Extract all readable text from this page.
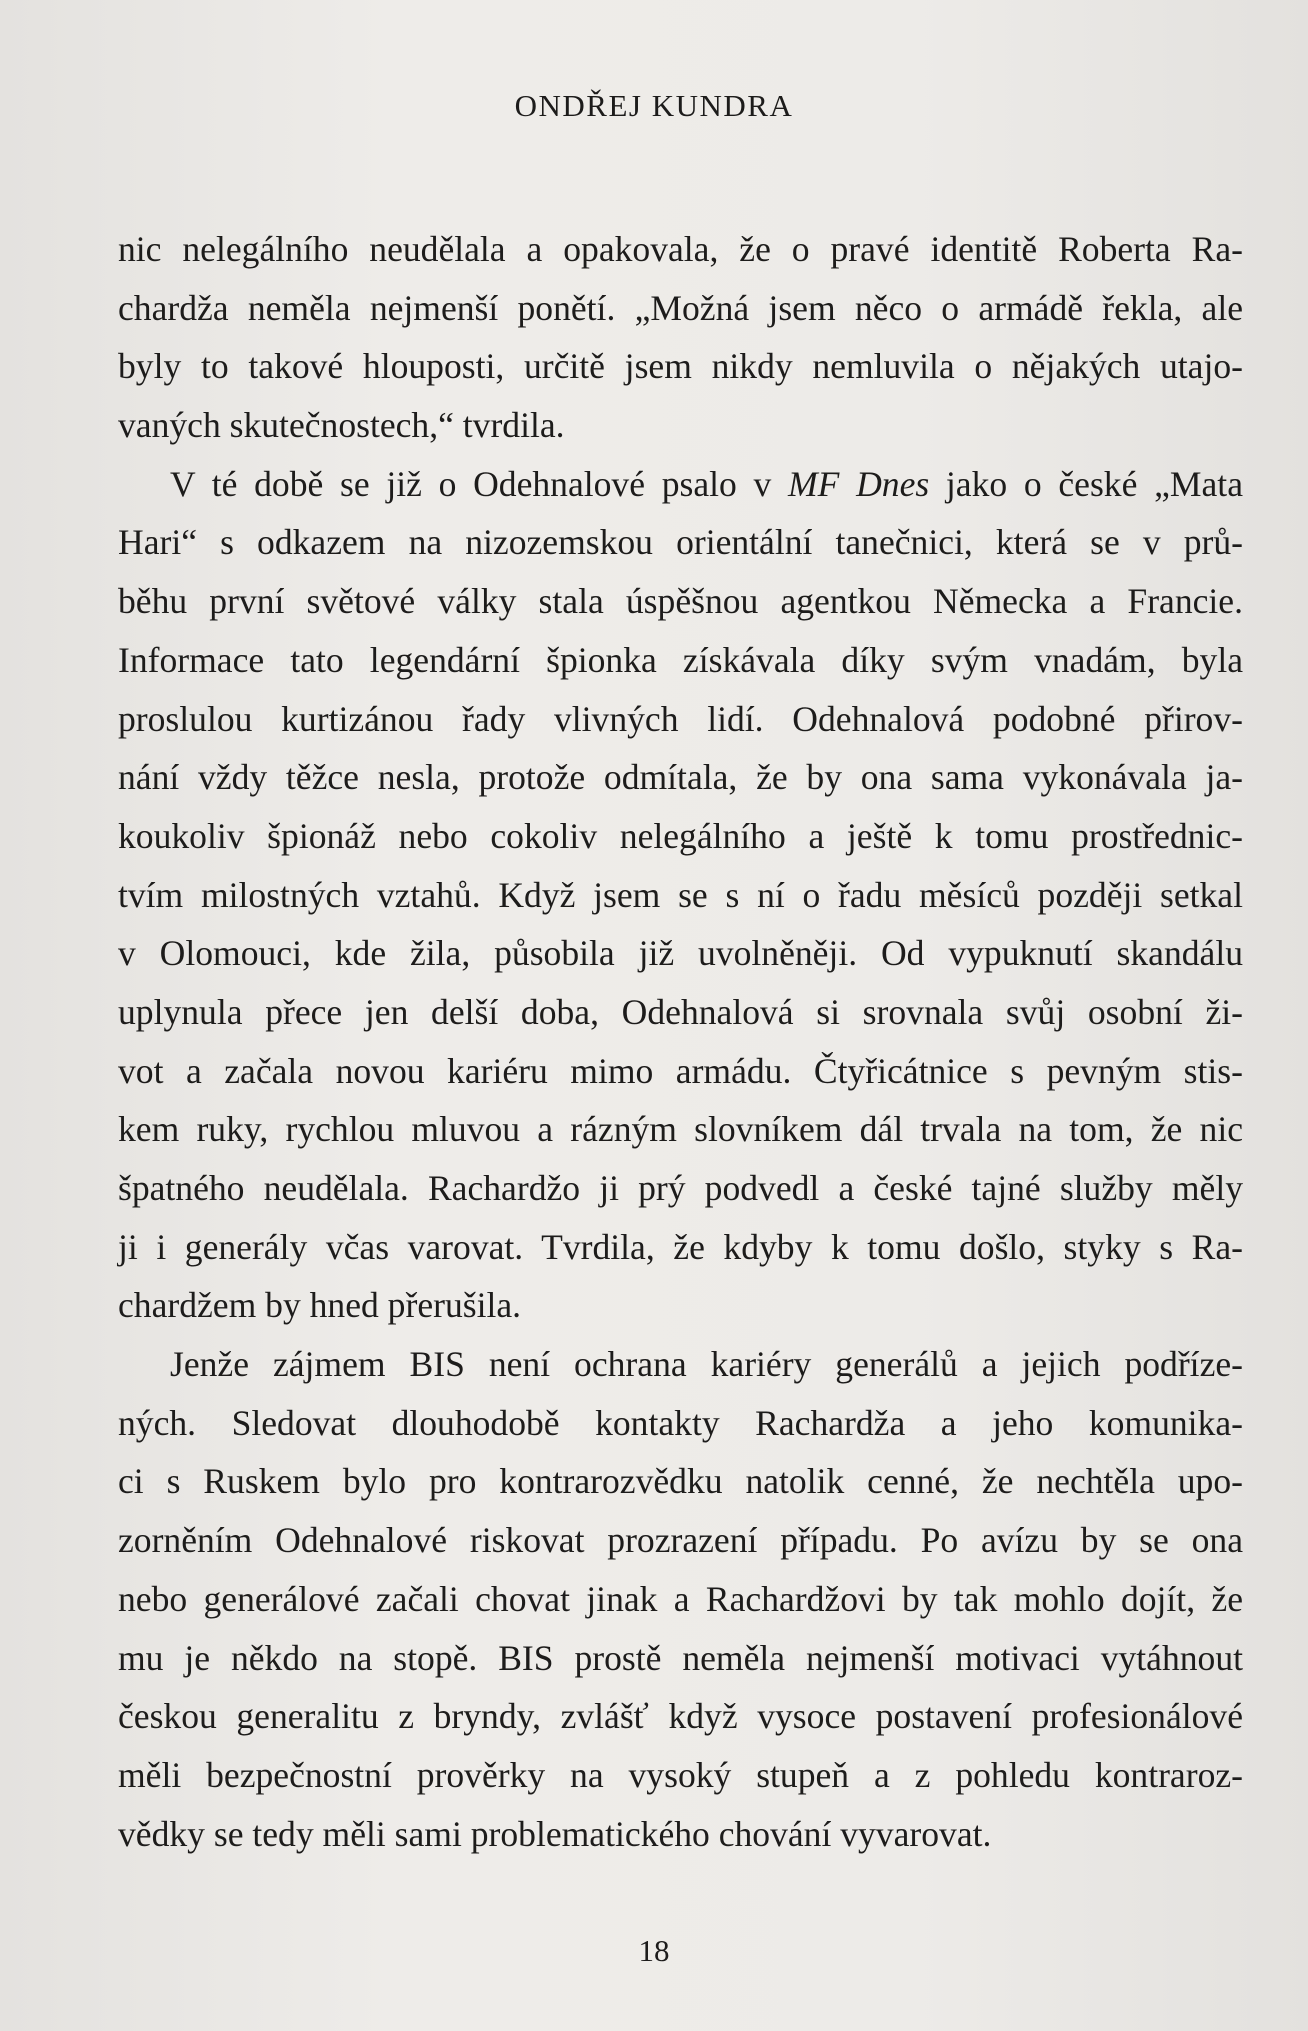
ONDŘEJ KUNDRA
nic nelegálního neudělala a opakovala, že o pravé identitě Roberta Ra-
chardža neměla nejmenší ponětí. „Možná jsem něco o armádě řekla, ale
byly to takové hlouposti, určitě jsem nikdy nemluvila o nějakých utajo-
vaných skutečnostech,“ tvrdila.
V té době se již o Odehnalové psalo v MF Dnes jako o české „Mata
Hari“ s odkazem na nizozemskou orientální tanečnici, která se v prů-
běhu první světové války stala úspěšnou agentkou Německa a Francie.
Informace tato legendární špionka získávala díky svým vnadám, byla
proslulou kurtizánou řady vlivných lidí. Odehnalová podobné přirov-
nání vždy těžce nesla, protože odmítala, že by ona sama vykonávala ja-
koukoliv špionáž nebo cokoliv nelegálního a ještě k tomu prostřednic-
tvím milostných vztahů. Když jsem se s ní o řadu měsíců později setkal
v Olomouci, kde žila, působila již uvolněněji. Od vypuknutí skandálu
uplynula přece jen delší doba, Odehnalová si srovnala svůj osobní ži-
vot a začala novou kariéru mimo armádu. Čtyřicátnice s pevným stis-
kem ruky, rychlou mluvou a rázným slovníkem dál trvala na tom, že nic
špatného neudělala. Rachardžo ji prý podvedl a české tajné služby měly
ji i generály včas varovat. Tvrdila, že kdyby k tomu došlo, styky s Ra-
chardžem by hned přerušila.
Jenže zájmem BIS není ochrana kariéry generálů a jejich podříze-
ných. Sledovat dlouhodobě kontakty Rachardža a jeho komunika-
ci s Ruskem bylo pro kontrarozvědku natolik cenné, že nechtěla upo-
zorněním Odehnalové riskovat prozrazení případu. Po avízu by se ona
nebo generálové začali chovat jinak a Rachardžovi by tak mohlo dojít, že
mu je někdo na stopě. BIS prostě neměla nejmenší motivaci vytáhnout
českou generalitu z bryndy, zvlášť když vysoce postavení profesionálové
měli bezpečnostní prověrky na vysoký stupeň a z pohledu kontraroz-
vědky se tedy měli sami problematického chování vyvarovat.
18
